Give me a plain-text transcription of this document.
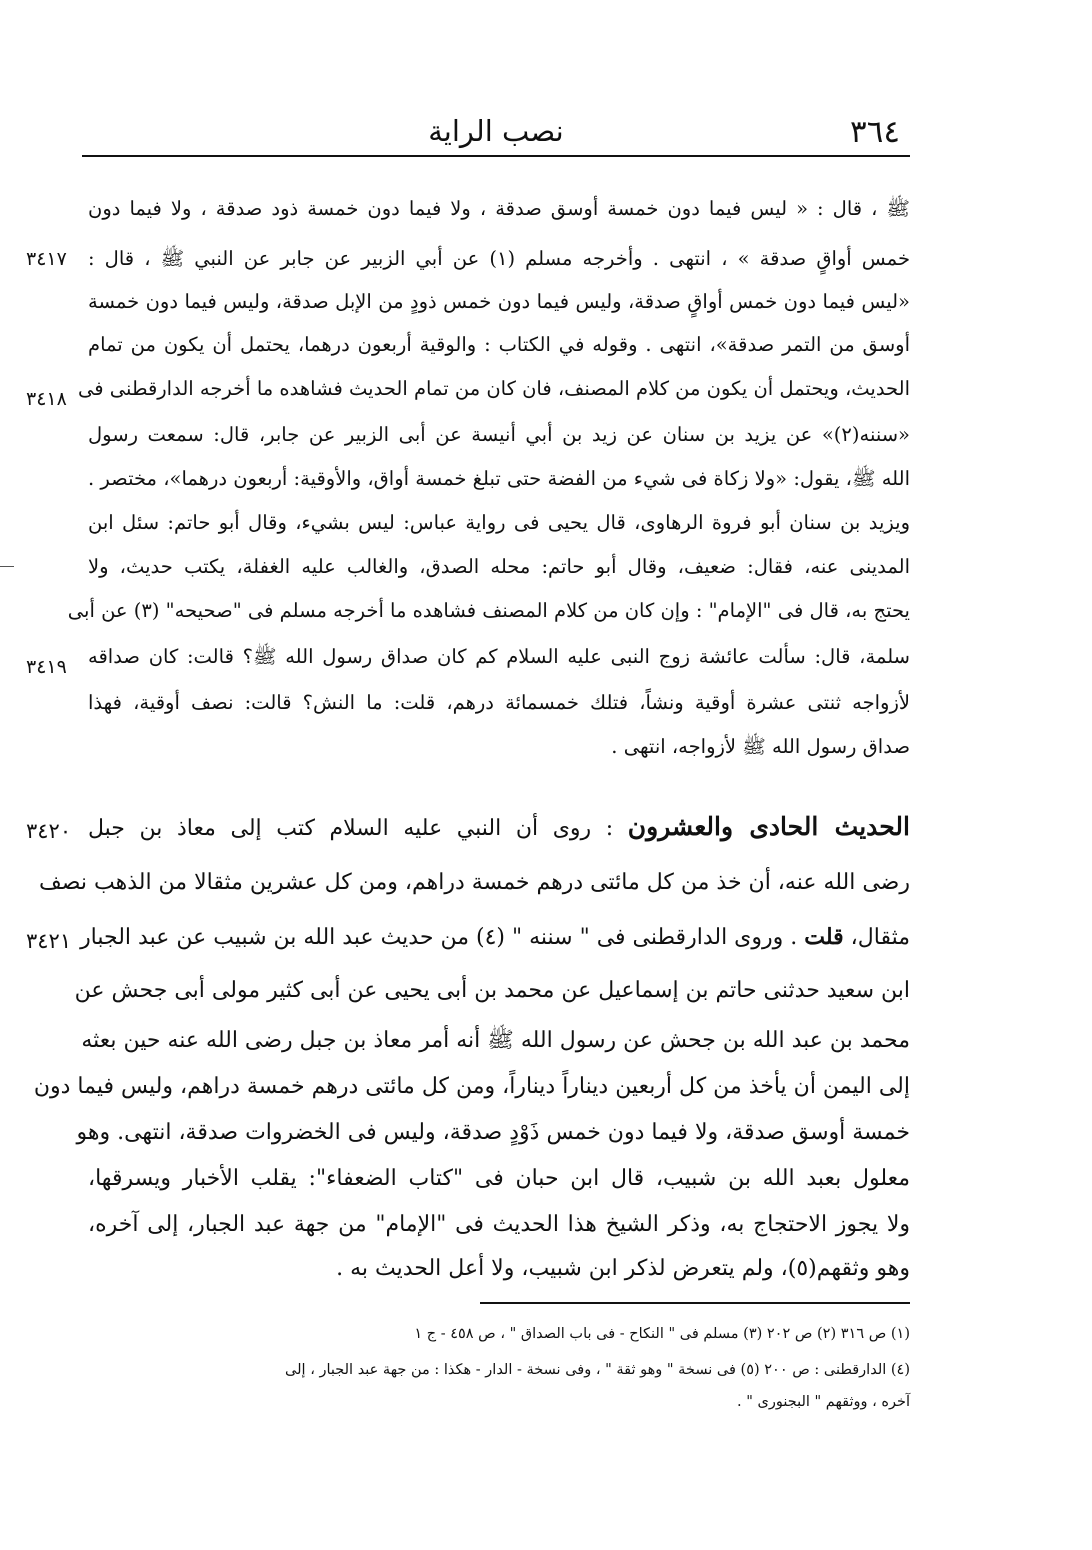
٣٦٤
نصب الراية
ﷺ ، قال : « ليس فيما دون خمسة أوسق صدقة ، ولا فيما دون خمسة ذود صدقة ، ولا فيما دون
٣٤١٧	خمس أواقٍ صدقة » ، انتهى . وأخرجه مسلم (١) عن أبي الزبير عن جابر عن النبي ﷺ ، قال :
«ليس فيما دون خمس أواقٍ صدقة، وليس فيما دون خمس ذودٍ من الإبل صدقة، وليس فيما دون خمسة
أوسق من التمر صدقة»، انتهى . وقوله في الكتاب : والوقية أربعون درهما، يحتمل أن يكون من تمام
٣٤١٨ الحديث، ويحتمل أن يكون من كلام المصنف، فان كان من تمام الحديث فشاهده ما أخرجه الدارقطنى فى
«سننه(٢)» عن يزيد بن سنان عن زيد بن أبي أنيسة عن أبى الزبير عن جابر، قال: سمعت رسول
الله ﷺ، يقول: «ولا زكاة فى شيء من الفضة حتى تبلغ خمسة أواق، والأوقية: أربعون درهما»، مختصر .
ويزيد بن سنان أبو فروة الرهاوى، قال يحيى فى رواية عباس: ليس بشيء، وقال أبو حاتم: سئل ابن
المدينى عنه، فقال: ضعيف، وقال أبو حاتم: محله الصدق، والغالب عليه الغفلة، يكتب حديث، ولا
يحتج به، قال فى "الإمام" : وإن كان من كلام المصنف فشاهده ما أخرجه مسلم فى "صحيحه" (٣) عن أبى
٣٤١٩	سلمة، قال: سألت عائشة زوج النبى عليه السلام كم كان صداق رسول الله ﷺ؟ قالت: كان صداقه
لأزواجه ثنتى عشرة أوقية ونشاً، فتلك خمسمائة درهم، قلت: ما النش؟ قالت: نصف أوقية، فهذا
صداق رسول الله ﷺ لأزواجه، انتهى .
٣٤٢٠	الحديث الحادى والعشرون : روى أن النبي عليه السلام كتب إلى معاذ بن جبل
رضى الله عنه، أن خذ من كل مائتى درهم خمسة دراهم، ومن كل عشرين مثقالا من الذهب نصف
٣٤٢١	مثقال، قلت . وروى الدارقطنى فى " سننه " (٤) من حديث عبد الله بن شبيب عن عبد الجبار
ابن سعيد حدثنى حاتم بن إسماعيل عن محمد بن أبى يحيى عن أبى كثير مولى أبى جحش عن
محمد بن عبد الله بن جحش عن رسول الله ﷺ أنه أمر معاذ بن جبل رضى الله عنه حين بعثه
إلى اليمن أن يأخذ من كل أربعين ديناراً ديناراً، ومن كل مائتى درهم خمسة دراهم، وليس فيما دون
خمسة أوسق صدقة، ولا فيما دون خمس ذَوْدٍ صدقة، وليس فى الخضروات صدقة، انتهى. وهو
معلول بعبد الله بن شبيب، قال ابن حبان فى "كتاب الضعفاء": يقلب الأخبار ويسرقها،
ولا يجوز الاحتجاج به، وذكر الشيخ هذا الحديث فى "الإمام" من جهة عبد الجبار، إلى آخره،
وهو وثقهم(٥)، ولم يتعرض لذكر ابن شبيب، ولا أعل الحديث به .
(١) ص ٣١٦ (٢) ص ٢٠٢ (٣) مسلم فى " النكاح - فى باب الصداق " ، ص ٤٥٨ - ج ١
(٤) الدارقطنى : ص ٢٠٠ (٥) فى نسخة " وهو ثقة " ، وفى نسخة - الدار - هكذا : من جهة عبد الجبار ، إلى
آخره ، ووثقهم " البجنورى " .
